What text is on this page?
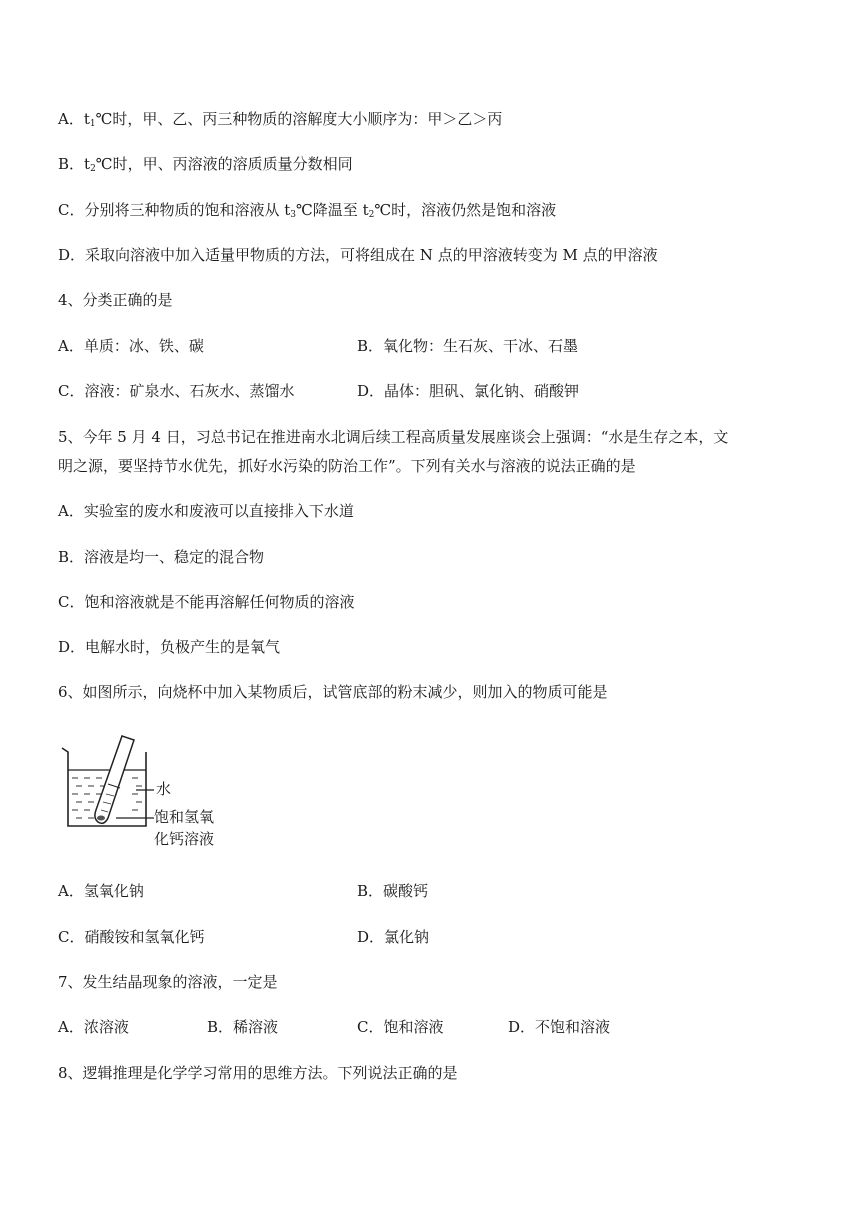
A．$t_1℃$时，甲、乙、丙三种物质的溶解度大小顺序为：甲＞乙＞丙
B．$t_2℃$时，甲、丙溶液的溶质质量分数相同
C．分别将三种物质的饱和溶液从 $t_3℃$降温至 $t_2℃$时，溶液仍然是饱和溶液
D．采取向溶液中加入适量甲物质的方法，可将组成在 N 点的甲溶液转变为 M 点的甲溶液
4、分类正确的是
A．单质：冰、铁、碳	B．氧化物：生石灰、干冰、石墨
C．溶液：矿泉水、石灰水、蒸馏水	D．晶体：胆矾、氯化钠、硝酸钾
5、今年 5 月 4 日，习总书记在推进南水北调后续工程高质量发展座谈会上强调：“水是生存之本，文
明之源，要坚持节水优先，抓好水污染的防治工作”。下列有关水与溶液的说法正确的是
A．实验室的废水和废液可以直接排入下水道
B．溶液是均一、稳定的混合物
C．饱和溶液就是不能再溶解任何物质的溶液
D．电解水时，负极产生的是氧气
6、如图所示，向烧杯中加入某物质后，试管底部的粉末减少，则加入的物质可能是
水
饱和氢氧
化钙溶液
A．氢氧化钠	B．碳酸钙
C．硝酸铵和氢氧化钙	D．氯化钠
7、发生结晶现象的溶液，一定是
A．浓溶液	B．稀溶液	C．饱和溶液	D．不饱和溶液
8、逻辑推理是化学学习常用的思维方法。下列说法正确的是
